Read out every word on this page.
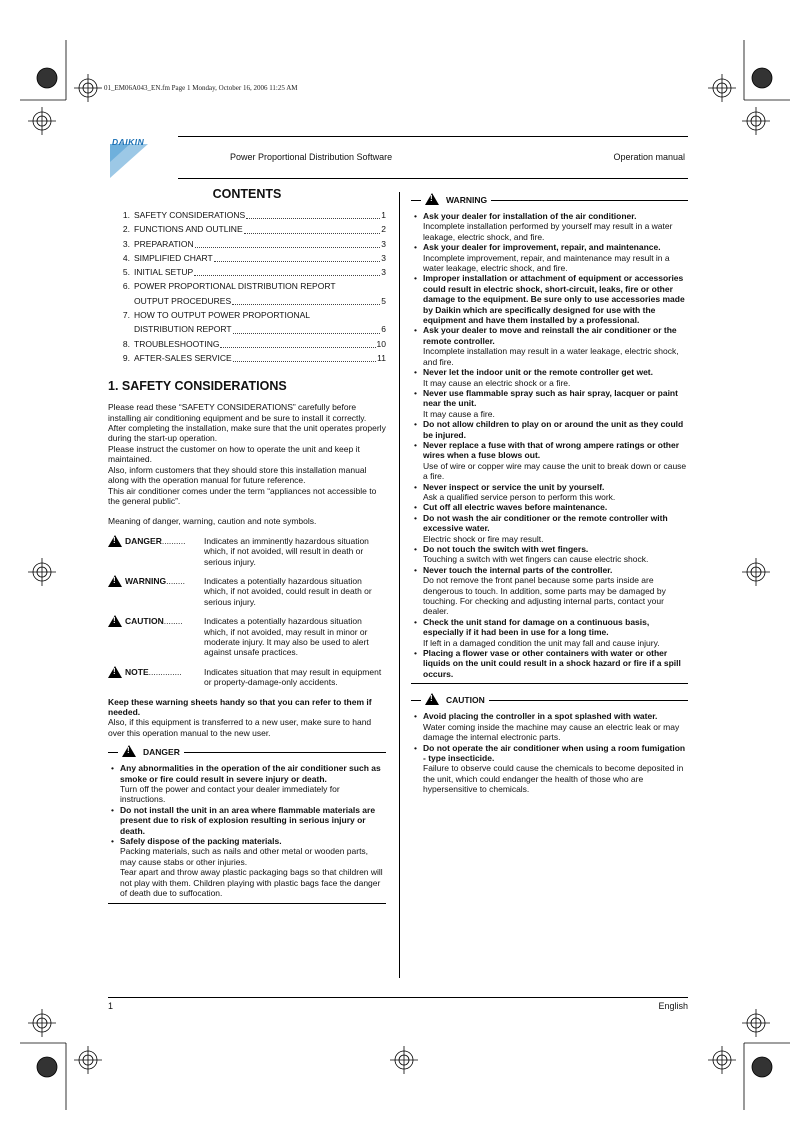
01_EM06A043_EN.fm Page 1 Monday, October 16, 2006 11:25 AM
DAIKIN
Power Proportional Distribution Software	Operation manual
CONTENTS
1. SAFETY CONSIDERATIONS	1
2. FUNCTIONS AND OUTLINE	2
3. PREPARATION	3
4. SIMPLIFIED CHART	3
5. INITIAL SETUP	3
6. POWER PROPORTIONAL DISTRIBUTION REPORT
OUTPUT PROCEDURES	5
7. HOW TO OUTPUT POWER PROPORTIONAL
DISTRIBUTION REPORT	6
8. TROUBLESHOOTING	10
9. AFTER-SALES SERVICE	11
1. SAFETY CONSIDERATIONS

Please read these “SAFETY CONSIDERATIONS” carefully before installing air conditioning equipment and be sure to install it correctly.

After completing the installation, make sure that the unit operates properly during the start-up operation.

Please instruct the customer on how to operate the unit and keep it maintained.

Also, inform customers that they should store this installation manual along with the operation manual for future reference.

This air conditioner comes under the term “appliances not accessible to the general public”.

Meaning of danger, warning, caution and note symbols.

!
DANGER .......... Indicates an imminently hazardous situation which, if not avoided, will result in death or serious injury.
!
WARNING ........ Indicates a potentially hazardous situation which, if not avoided, could result in death or serious injury.
!
CAUTION ........	Indicates a potentially hazardous situation which, if not avoided, may result in minor or moderate injury. It may also be used to alert against unsafe practices.
!
NOTE ..............	Indicates situation that may result in equipment or property-damage-only accidents.

Keep these warning sheets handy so that you can refer to them if needed.

Also, if this equipment is transferred to a new user, make sure to hand over this operation manual to the new user.

!
DANGER
• Any abnormalities in the operation of the air conditioner such as smoke or fire could result in severe injury or death.
Turn off the power and contact your dealer immediately for instructions.
• Do not install the unit in an area where flammable materials are present due to risk of explosion resulting in serious injury or death.
• Safely dispose of the packing materials.
Packing materials, such as nails and other metal or wooden parts, may cause stabs or other injuries.
Tear apart and throw away plastic packaging bags so that children will not play with them. Children playing with plastic bags face the danger of death due to suffocation.
!
WARNING
• Ask your dealer for installation of the air conditioner.
Incomplete installation performed by yourself may result in a water leakage, electric shock, and fire.
• Ask your dealer for improvement, repair, and maintenance.
Incomplete improvement, repair, and maintenance may result in a water leakage, electric shock, and fire.
• Improper installation or attachment of equipment or accessories could result in electric shock, short-circuit, leaks, fire or other damage to the equipment. Be sure only to use accessories made by Daikin which are specifically designed for use with the equipment and have them installed by a professional.
• Ask your dealer to move and reinstall the air conditioner or the remote controller.
Incomplete installation may result in a water leakage, electric shock, and fire.
• Never let the indoor unit or the remote controller get wet.
It may cause an electric shock or a fire.
• Never use flammable spray such as hair spray, lacquer or paint near the unit.
It may cause a fire.
• Do not allow children to play on or around the unit as they could be injured.
• Never replace a fuse with that of wrong ampere ratings or other wires when a fuse blows out.
Use of wire or copper wire may cause the unit to break down or cause a fire.
• Never inspect or service the unit by yourself.
Ask a qualified service person to perform this work.
• Cut off all electric waves before maintenance.
• Do not wash the air conditioner or the remote controller with excessive water.
Electric shock or fire may result.
• Do not touch the switch with wet fingers.
Touching a switch with wet fingers can cause electric shock.
• Never touch the internal parts of the controller.
Do not remove the front panel because some parts inside are dengerous to touch. In addition, some parts may be damaged by touching. For checking and adjusting internal parts, contact your dealer.
• Check the unit stand for damage on a continuous basis, especially if it had been in use for a long time.
If left in a damaged condition the unit may fall and cause injury.
• Placing a flower vase or other containers with water or other liquids on the unit could result in a shock hazard or fire if a spill occurs.
!
CAUTION
• Avoid placing the controller in a spot splashed with water.
Water coming inside the machine may cause an electric leak or may damage the internal electronic parts.
• Do not operate the air conditioner when using a room fumigation - type insecticide.
Failure to observe could cause the chemicals to become deposited in the unit, which could endanger the health of those who are hypersensitive to chemicals.
1	English
